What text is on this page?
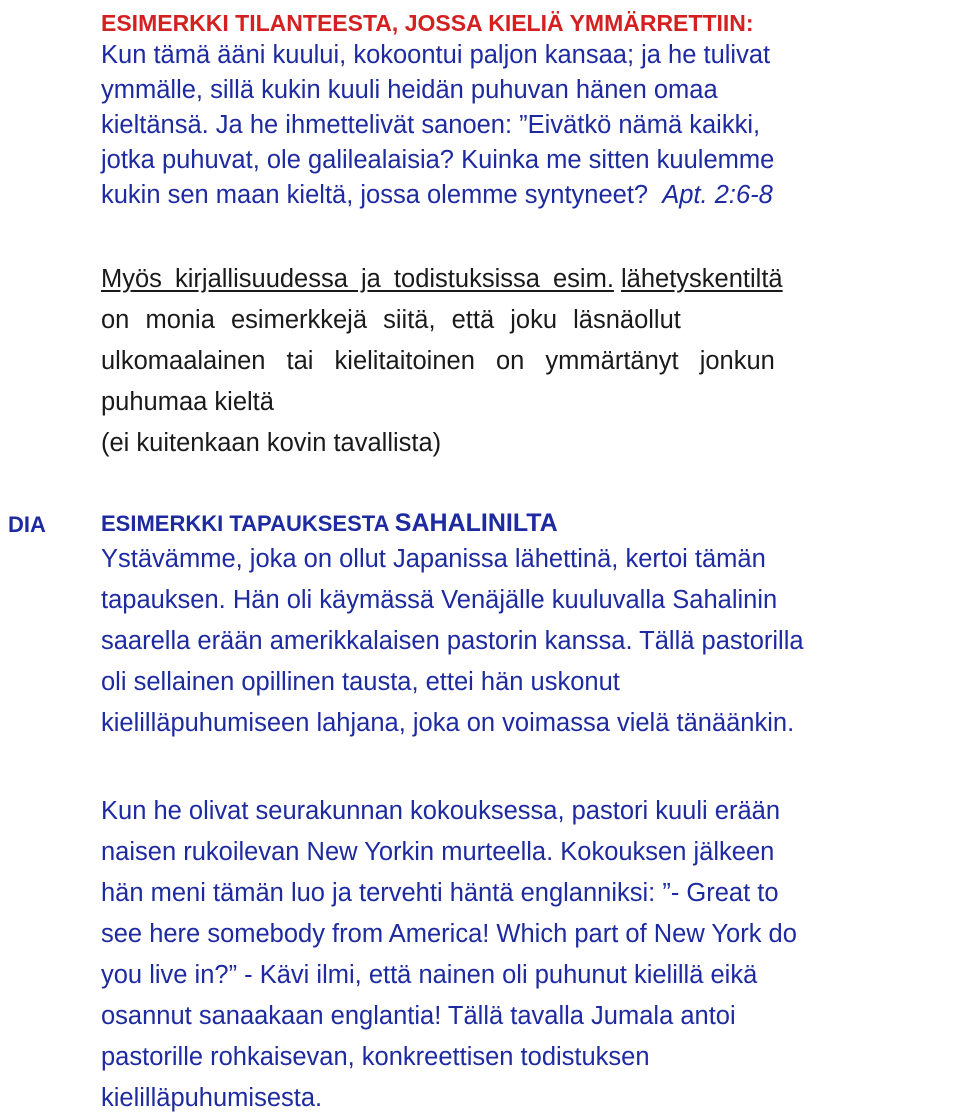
ESIMERKKI TILANTEESTA, JOSSA KIELIÄ YMMÄRRETTIIN:
Kun tämä ääni kuului, kokoontui paljon kansaa; ja he tulivat
ymmälle, sillä kukin kuuli heidän puhuvan hänen omaa
kieltänsä. Ja he ihmettelivät sanoen: ”Eivätkö nämä kaikki,
jotka puhuvat, ole galilealaisia? Kuinka me sitten kuulemme
kukin sen maan kieltä, jossa olemme syntyneet? Apt. 2:6-8
Myös kirjallisuudessa ja todistuksissa esim. lähetyskentiltä
on monia esimerkkejä siitä, että joku läsnäollut
ulkomaalainen tai kielitaitoinen on ymmärtänyt jonkun
puhumaa kieltä
(ei kuitenkaan kovin tavallista)
DIA	ESIMERKKI TAPAUKSESTA SAHALINILTA
Ystävämme, joka on ollut Japanissa lähettinä, kertoi tämän
tapauksen. Hän oli käymässä Venäjälle kuuluvalla Sahalinin
saarella erään amerikkalaisen pastorin kanssa. Tällä pastorilla
oli sellainen opillinen tausta, ettei hän uskonut
kielilläpuhumiseen lahjana, joka on voimassa vielä tänäänkin.
Kun he olivat seurakunnan kokouksessa, pastori kuuli erään
naisen rukoilevan New Yorkin murteella. Kokouksen jälkeen
hän meni tämän luo ja tervehti häntä englanniksi: ”- Great to
see here somebody from America! Which part of New York do
you live in?” - Kävi ilmi, että nainen oli puhunut kielillä eikä
osannut sanaakaan englantia! Tällä tavalla Jumala antoi
pastorille rohkaisevan, konkreettisen todistuksen
kielilläpuhumisesta.
